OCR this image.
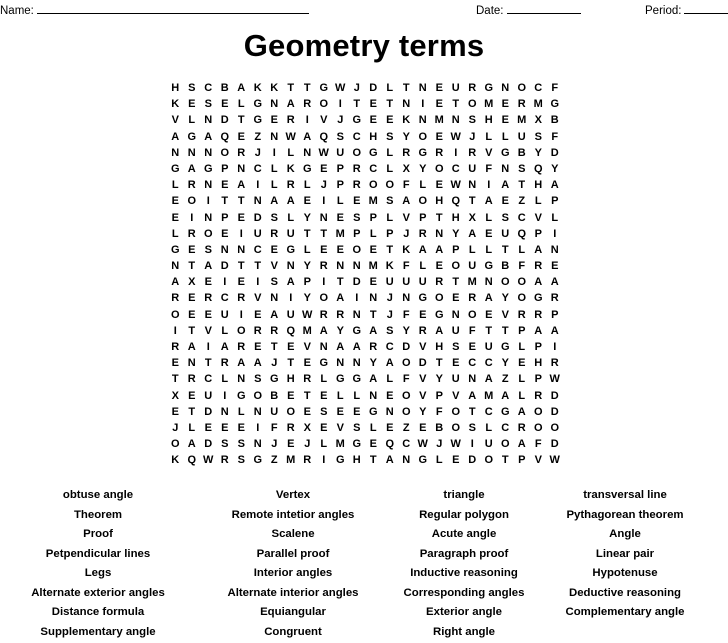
Name:	Date:	Period:
Geometry terms
H S C B A K K T T G W J D L T N E U R G N O C F
K E S E L G N A R O I	T E T N	I	E T O M E R M G
V L N D T G E R	I	V J G E E K N M N S H E M X B
A G A Q E Z N W A Q S C H S Y O E W J L L U S F
N N N O R J	I	L N W U O G L R G R	I R V G B Y D
G A G P N C L K G E P R C L X Y O C U F N S Q Y
L R N E A	I	L R L J P R O O F L E W N	I A T H A
E O I	T T N A A E	I	L E M S A O H Q T A E Z L P
E	I N P E D S L Y N E S P L V P T H X L S C V L
L R O E	I U R U T T M P L P J R N Y A E U Q P	I
G E S N N C E G L E E O E T K A A P L L T L A N
N T A D T T V N Y R N N M K F L E O U G B F R E
A X E	I	E	I	S A P	I	T D E U U U R T M N O O A A
R E R C R V N	I	Y O A	I N J N G O E R A Y O G R
O E E U	I	E A U W R R N T J F E G N O E V R R P
I	T V L O R R Q M A Y G A S Y R A U F T T P A A
R A	I A R E T E V N A A R C D V H S E U G L P	I
E N T R A A J T E G N N Y A O D T E C C Y E H R
T R C L N S G H R L G G A L F V Y U N A Z L P W
X E U	I G O B E T E L L N E O V P V A M A L R D
E T D N L N U O E S E E G N O Y F O T C G A O D
J L E E E	I	F R X E V S L E Z E B O S L C R O O
O A D S S N J E J L M G E Q C W J W I U O A F D
K Q W R S G Z M R	I G H T A N G L E D O T P V W
obtuse angle
Theorem
Proof
Petpendicular lines
Legs
Alternate exterior angles
Distance formula
Supplementary angle
Vertex
Remote intetior angles
Scalene
Parallel proof
Interior angles
Alternate interior angles
Equiangular
Congruent
triangle
Regular polygon
Acute angle
Paragraph proof
Inductive reasoning
Corresponding angles
Exterior angle
Right angle
transversal line
Pythagorean theorem
Angle
Linear pair
Hypotenuse
Deductive reasoning
Complementary angle
